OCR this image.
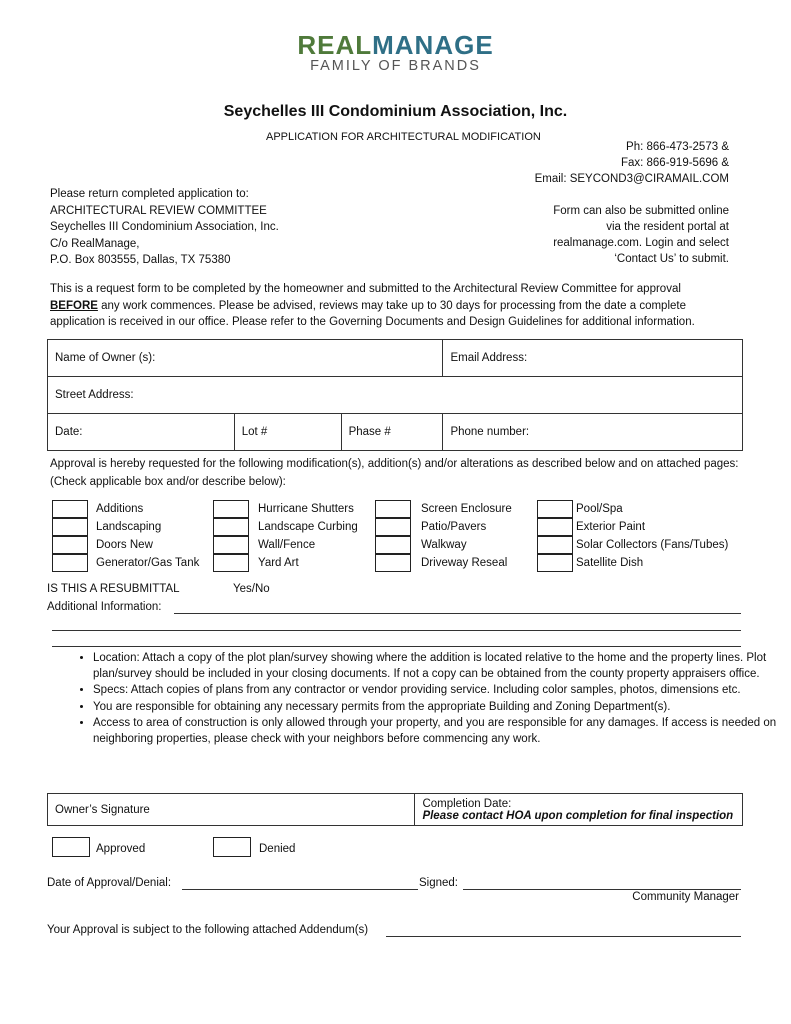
REALMANAGE
FAMILY OF BRANDS
Seychelles III Condominium Association, Inc.
APPLICATION FOR ARCHITECTURAL MODIFICATION
Ph: 866-473-2573 &
Fax: 866-919-5696 &
Email: SEYCOND3@CIRAMAIL.COM
Form can also be submitted online
via the resident portal at
realmanage.com. Login and select
‘Contact Us’ to submit.
Please return completed application to:
ARCHITECTURAL REVIEW COMMITTEE
Seychelles III Condominium Association, Inc.
C/o RealManage,
P.O. Box 803555, Dallas, TX 75380
This is a request form to be completed by the homeowner and submitted to the Architectural Review Committee for approval
BEFORE any work commences. Please be advised, reviews may take up to 30 days for processing from the date a complete application is received in our office. Please refer to the Governing Documents and Design Guidelines for additional information.
Name of Owner (s):			Email Address:
Street Address:			
Date:	Lot #	Phase #	Phone number:
Approval is hereby requested for the following modification(s), addition(s) and/or alterations as described below and on attached pages: (Check applicable box and/or describe below):
Additions
Landscaping
Doors New
Generator/Gas Tank
Hurricane Shutters
Landscape Curbing
Wall/Fence
Yard Art
Screen Enclosure
Patio/Pavers
Walkway
Driveway Reseal
Pool/Spa
Exterior Paint
Solar Collectors (Fans/Tubes)
Satellite Dish
IS THIS A RESUBMITTAL	Yes/No
Additional Information:
• Location: Attach a copy of the plot plan/survey showing where the addition is located relative to the home and the property lines. Plot plan/survey should be included in your closing documents. If not a copy can be obtained from the county property appraisers office.
• Specs: Attach copies of plans from any contractor or vendor providing service. Including color samples, photos, dimensions etc.
• You are responsible for obtaining any necessary permits from the appropriate Building and Zoning Department(s).
• Access to area of construction is only allowed through your property, and you are responsible for any damages. If access is needed on neighboring properties, please check with your neighbors before commencing any work.
Owner’s Signature	Completion Date:
Please contact HOA upon completion for final inspection
Approved	Denied
Date of Approval/Denial:	Signed:
Community Manager
Your Approval is subject to the following attached Addendum(s)
